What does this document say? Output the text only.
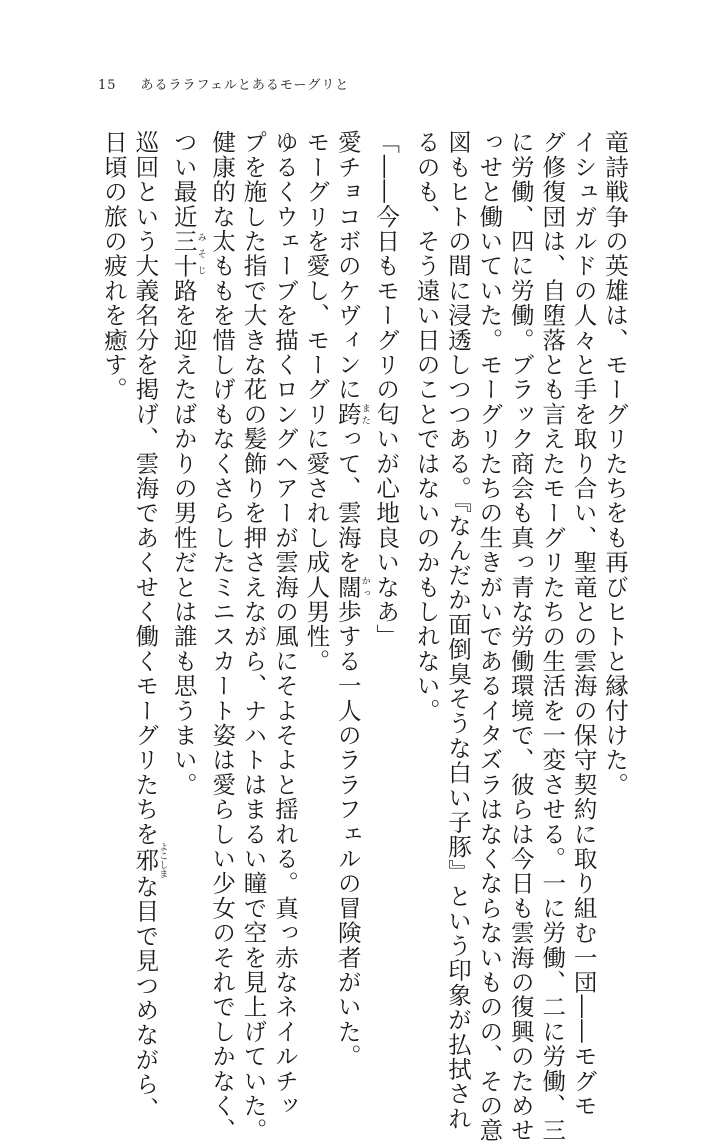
15 あるララフェルとあるモーグリと
竜詩戦争の英雄は、モーグリたちをも再びヒトと縁付けた。
イシュガルドの人々と手を取り合い、聖竜との雲海の保守契約に取り組む一団――モグモ
グ修復団は、自堕落とも言えたモーグリたちの生活を一変させる。一に労働、二に労働、三
に労働、四に労働。ブラック商会も真っ青な労働環境で、彼らは今日も雲海の復興のためせ
っせと働いていた。モーグリたちの生きがいであるイタズラはなくならないものの、その意
図もヒトの間に浸透しつつある。『なんだか面倒臭そうな白い子豚』という印象が払拭され
るのも、そう遠い日のことではないのかもしれない。
「――今日もモーグリの匂いが心地良いなあ」
愛チョコボのケヴィンに跨またって、雲海を闊かっ歩する一人のララフェルの冒険者がいた。
モーグリを愛し、モーグリに愛されし成人男性。
ゆるくウェーブを描くロングヘアーが雲海の風にそよそよと揺れる。真っ赤なネイルチッ
プを施した指で大きな花の髪飾りを押さえながら、ナハトはまるい瞳で空を見上げていた。
健康的な太ももを惜しげもなくさらしたミニスカート姿は愛らしい少女のそれでしかなく、
つい最近三十みそじ路を迎えたばかりの男性だとは誰も思うまい。
巡回という大義名分を掲げ、雲海であくせく働くモーグリたちを邪よこしまな目で見つめながら、
日頃の旅の疲れを癒す。
